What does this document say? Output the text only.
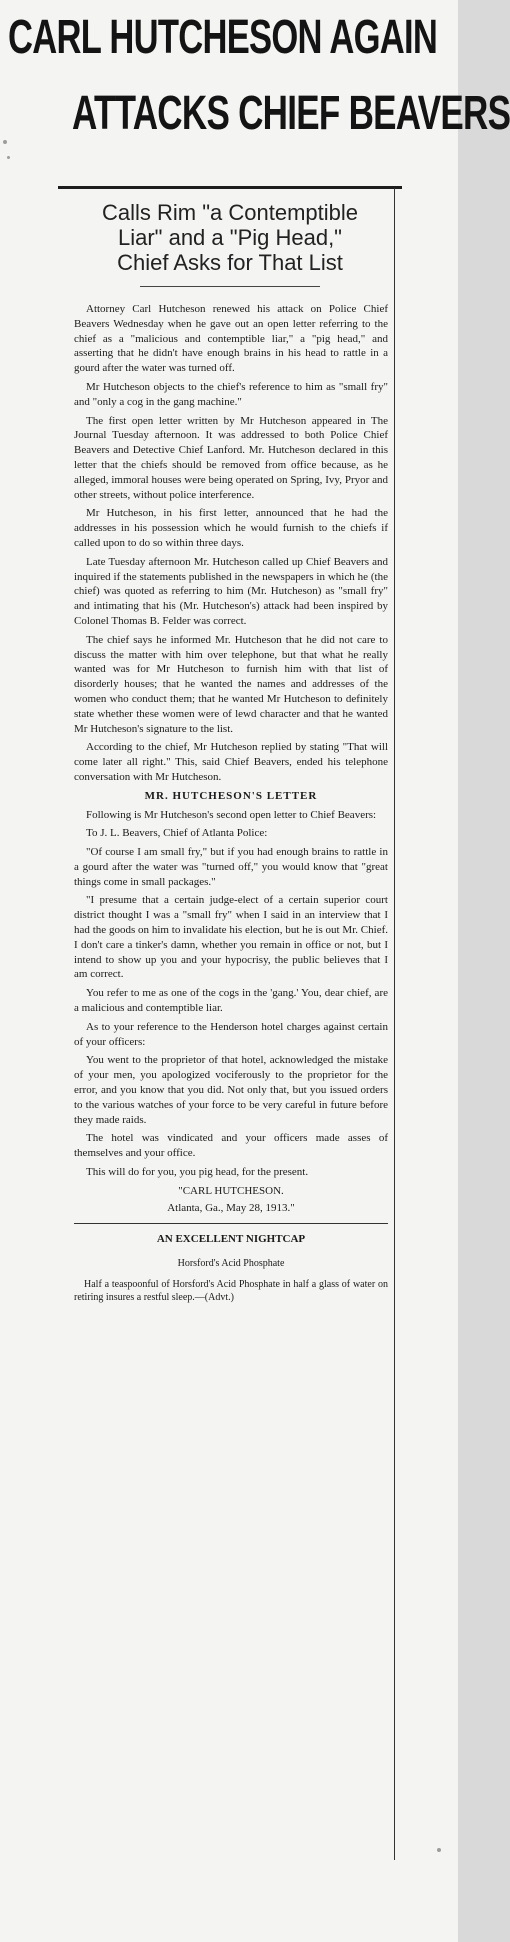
CARL HUTCHESON AGAIN
ATTACKS CHIEF BEAVERS
Calls Rim "a Contemptible
Liar" and a "Pig Head,"
Chief Asks for That List

Attorney Carl Hutcheson renewed his attack on Police Chief Beavers Wednesday when he gave out an open letter referring to the chief as a "malicious and contemptible liar," a "pig head," and asserting that he didn't have enough brains in his head to rattle in a gourd after the water was turned off.

Mr Hutcheson objects to the chief's reference to him as "small fry" and "only a cog in the gang machine."

The first open letter written by Mr Hutcheson appeared in The Journal Tuesday afternoon. It was addressed to both Police Chief Beavers and Detective Chief Lanford. Mr. Hutcheson declared in this letter that the chiefs should be removed from office because, as he alleged, immoral houses were being operated on Spring, Ivy, Pryor and other streets, without police interference.

Mr Hutcheson, in his first letter, announced that he had the addresses in his possession which he would furnish to the chiefs if called upon to do so within three days.

Late Tuesday afternoon Mr. Hutcheson called up Chief Beavers and inquired if the statements published in the newspapers in which he (the chief) was quoted as referring to him (Mr. Hutcheson) as "small fry" and intimating that his (Mr. Hutcheson's) attack had been inspired by Colonel Thomas B. Felder was correct.

The chief says he informed Mr. Hutcheson that he did not care to discuss the matter with him over telephone, but that what he really wanted was for Mr Hutcheson to furnish him with that list of disorderly houses; that he wanted the names and addresses of the women who conduct them; that he wanted Mr Hutcheson to definitely state whether these women were of lewd character and that he wanted Mr Hutcheson's signature to the list.

According to the chief, Mr Hutcheson replied by stating "That will come later all right." This, said Chief Beavers, ended his telephone conversation with Mr Hutcheson.

MR. HUTCHESON'S LETTER

Following is Mr Hutcheson's second open letter to Chief Beavers:

To J. L. Beavers, Chief of Atlanta Police:

"Of course I am small fry," but if you had enough brains to rattle in a gourd after the water was "turned off," you would know that "great things come in small packages."

"I presume that a certain judge-elect of a certain superior court district thought I was a "small fry" when I said in an interview that I had the goods on him to invalidate his election, but he is out Mr. Chief. I don't care a tinker's damn, whether you remain in office or not, but I intend to show up you and your hypocrisy, the public believes that I am correct.

You refer to me as one of the cogs in the 'gang.' You, dear chief, are a malicious and contemptible liar.

As to your reference to the Henderson hotel charges against certain of your officers:

You went to the proprietor of that hotel, acknowledged the mistake of your men, you apologized vociferously to the proprietor for the error, and you know that you did. Not only that, but you issued orders to the various watches of your force to be very careful in future before they made raids.

The hotel was vindicated and your officers made asses of themselves and your office.

This will do for you, you pig head, for the present.

"CARL HUTCHESON.
Atlanta, Ga., May 28, 1913."
AN EXCELLENT NIGHTCAP
Horsford's Acid Phosphate
Half a teaspoonful of Horsford's Acid Phosphate in half a glass of water on retiring insures a restful sleep.—(Advt.)
